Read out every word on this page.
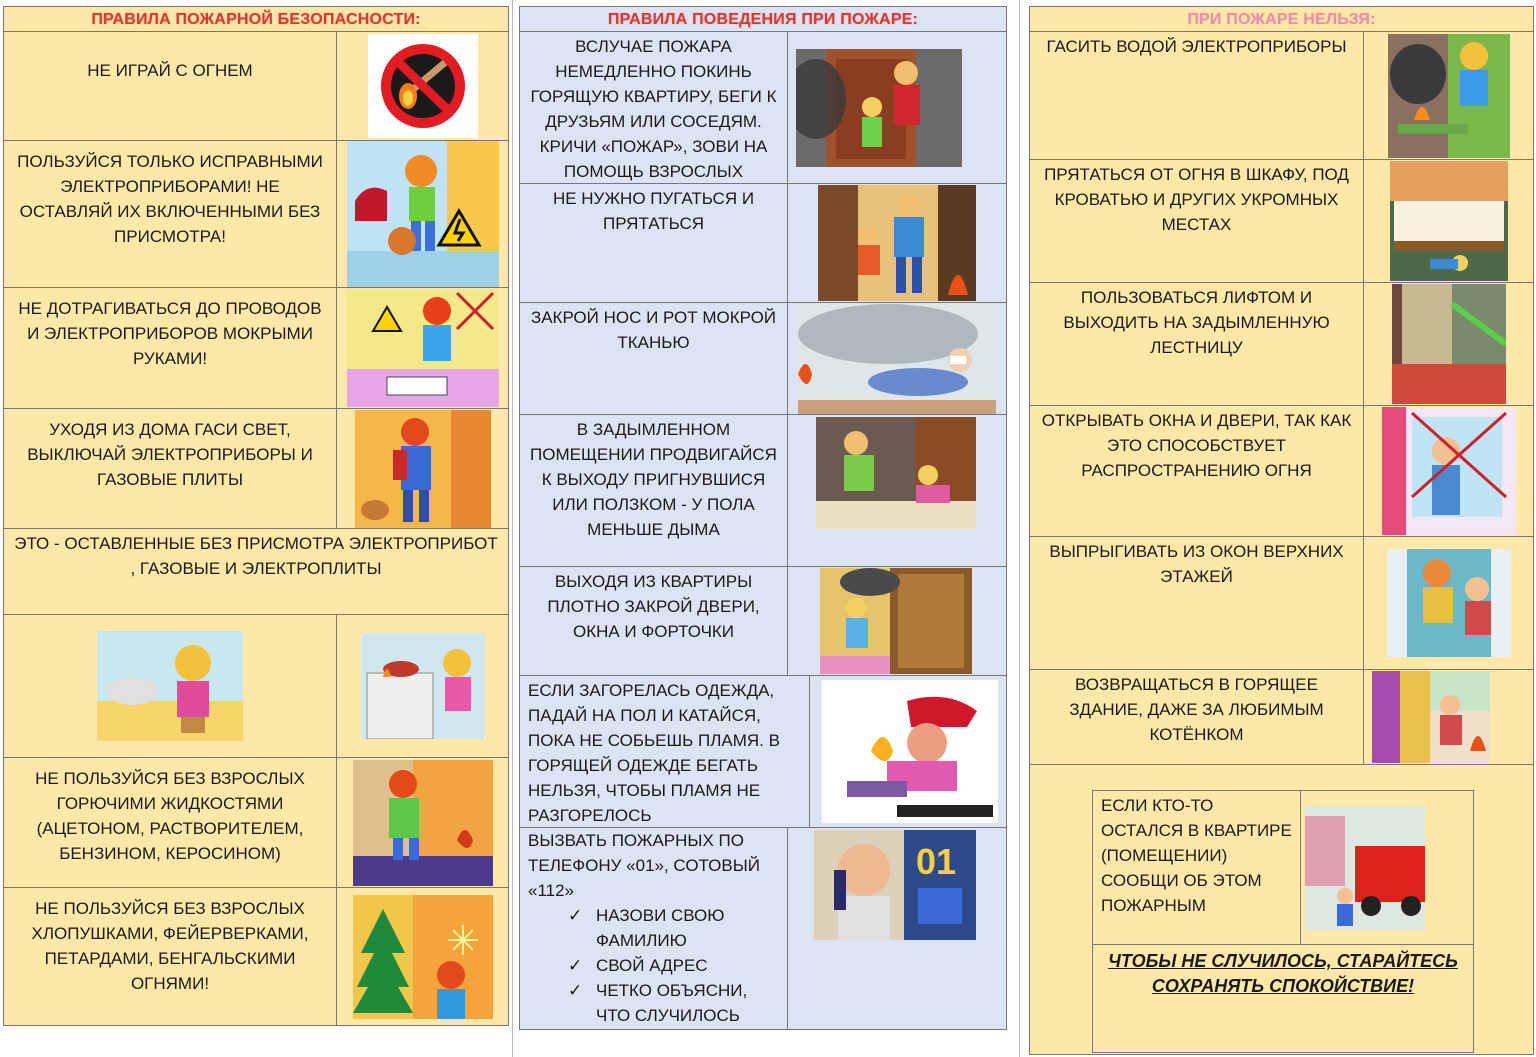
ПРАВИЛА ПОЖАРНОЙ БЕЗОПАСНОСТИ:
НЕ ИГРАЙ С ОГНЕМ
ПОЛЬЗУЙСЯ ТОЛЬКО ИСПРАВНЫМИ ЭЛЕКТРОПРИБОРАМИ! НЕ ОСТАВЛЯЙ ИХ ВКЛЮЧЕННЫМИ БЕЗ ПРИСМОТРА!
НЕ ДОТРАГИВАТЬСЯ ДО ПРОВОДОВ И ЭЛЕКТРОПРИБОРОВ МОКРЫМИ РУКАМИ!
УХОДЯ ИЗ ДОМА ГАСИ СВЕТ, ВЫКЛЮЧАЙ ЭЛЕКТРОПРИБОРЫ И ГАЗОВЫЕ ПЛИТЫ
ЭТО - ОСТАВЛЕННЫЕ БЕЗ ПРИСМОТРА ЭЛЕКТРОПРИБОТ , ГАЗОВЫЕ И ЭЛЕКТРОПЛИТЫ
НЕ ПОЛЬЗУЙСЯ БЕЗ ВЗРОСЛЫХ ГОРЮЧИМИ ЖИДКОСТЯМИ (АЦЕТОНОМ, РАСТВОРИТЕЛЕМ, БЕНЗИНОМ, КЕРОСИНОМ)
НЕ ПОЛЬЗУЙСЯ БЕЗ ВЗРОСЛЫХ ХЛОПУШКАМИ, ФЕЙЕРВЕРКАМИ, ПЕТАРДАМИ, БЕНГАЛЬСКИМИ ОГНЯМИ!
ПРАВИЛА ПОВЕДЕНИЯ ПРИ ПОЖАРЕ:
ВСЛУЧАЕ ПОЖАРА НЕМЕДЛЕННО ПОКИНЬ ГОРЯЩУЮ КВАРТИРУ, БЕГИ К ДРУЗЬЯМ ИЛИ СОСЕДЯМ. КРИЧИ «ПОЖАР», ЗОВИ НА ПОМОЩЬ ВЗРОСЛЫХ
НЕ НУЖНО ПУГАТЬСЯ И ПРЯТАТЬСЯ
ЗАКРОЙ НОС И РОТ МОКРОЙ ТКАНЬЮ
В ЗАДЫМЛЕННОМ ПОМЕЩЕНИИ ПРОДВИГАЙСЯ К ВЫХОДУ ПРИГНУВШИСЯ ИЛИ ПОЛЗКОМ - У ПОЛА МЕНЬШЕ ДЫМА
ВЫХОДЯ ИЗ КВАРТИРЫ ПЛОТНО ЗАКРОЙ ДВЕРИ, ОКНА И ФОРТОЧКИ
ЕСЛИ ЗАГОРЕЛАСЬ ОДЕЖДА, ПАДАЙ НА ПОЛ И КАТАЙСЯ, ПОКА НЕ СОБЬЕШЬ ПЛАМЯ. В ГОРЯЩЕЙ ОДЕЖДЕ БЕГАТЬ НЕЛЬЗЯ, ЧТОБЫ ПЛАМЯ НЕ РАЗГОРЕЛОСЬ
ВЫЗВАТЬ ПОЖАРНЫХ ПО ТЕЛЕФОНУ «01», СОТОВЫЙ «112»
✓ НАЗОВИ СВОЮ ФАМИЛИЮ
✓ СВОЙ АДРЕС
✓ ЧЕТКО ОБЪЯСНИ, ЧТО СЛУЧИЛОСЬ
01
ПРИ ПОЖАРЕ НЕЛЬЗЯ:
ГАСИТЬ ВОДОЙ ЭЛЕКТРОПРИБОРЫ
ПРЯТАТЬСЯ ОТ ОГНЯ В ШКАФУ, ПОД КРОВАТЬЮ И ДРУГИХ УКРОМНЫХ МЕСТАХ
ПОЛЬЗОВАТЬСЯ ЛИФТОМ И ВЫХОДИТЬ НА ЗАДЫМЛЕННУЮ ЛЕСТНИЦУ
ОТКРЫВАТЬ ОКНА И ДВЕРИ, ТАК КАК ЭТО СПОСОБСТВУЕТ РАСПРОСТРАНЕНИЮ ОГНЯ
ВЫПРЫГИВАТЬ ИЗ ОКОН ВЕРХНИХ ЭТАЖЕЙ
ВОЗВРАЩАТЬСЯ В ГОРЯЩЕЕ ЗДАНИЕ, ДАЖЕ ЗА ЛЮБИМЫМ КОТЁНКОМ
ЕСЛИ КТО-ТО ОСТАЛСЯ В КВАРТИРЕ (ПОМЕЩЕНИИ) СООБЩИ ОБ ЭТОМ ПОЖАРНЫМ
ЧТОБЫ НЕ СЛУЧИЛОСЬ, СТАРАЙТЕСЬ СОХРАНЯТЬ СПОКОЙСТВИЕ!
